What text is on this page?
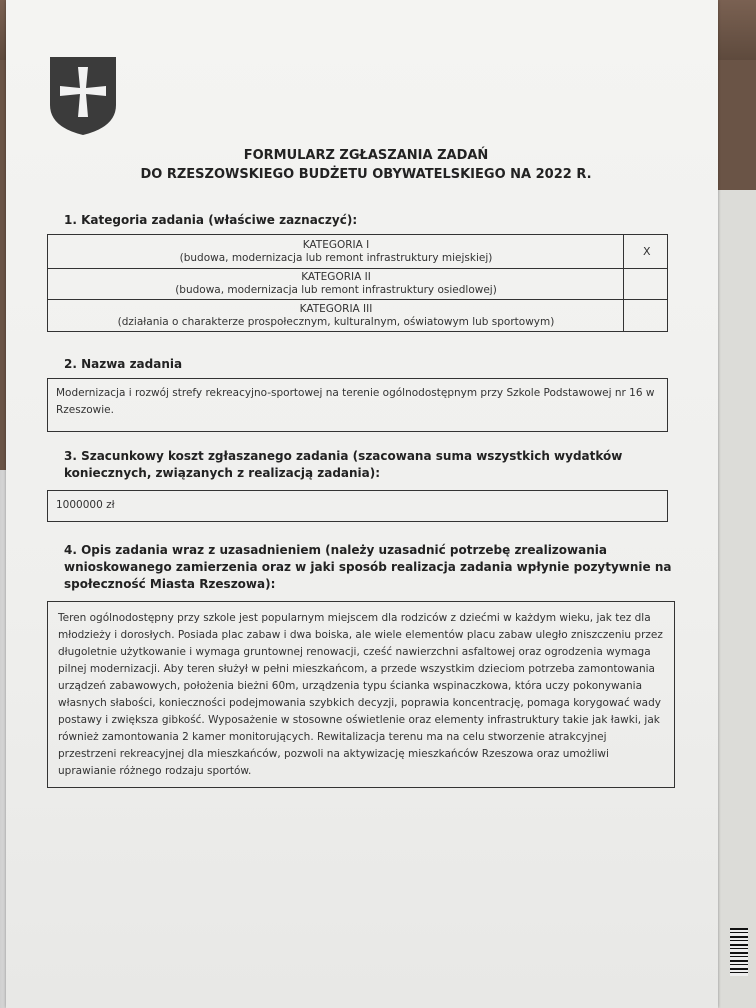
FORMULARZ ZGŁASZANIA ZADAŃ
DO RZESZOWSKIEGO BUDŻETU OBYWATELSKIEGO NA 2022 R.
1. Kategoria zadania (właściwe zaznaczyć):
KATEGORIA I
(budowa, modernizacja lub remont infrastruktury miejskiej)	X
KATEGORIA II
(budowa, modernizacja lub remont infrastruktury osiedlowej)
KATEGORIA III
(działania o charakterze prospołecznym, kulturalnym, oświatowym lub sportowym)
2. Nazwa zadania
Modernizacja i rozwój strefy rekreacyjno-sportowej na terenie ogólnodostępnym przy Szkole Podstawowej nr 16 w Rzeszowie.
3. Szacunkowy koszt zgłaszanego zadania (szacowana suma wszystkich wydatków koniecznych, związanych z realizacją zadania):
1000000 zł
4. Opis zadania wraz z uzasadnieniem (należy uzasadnić potrzebę zrealizowania wnioskowanego zamierzenia oraz w jaki sposób realizacja zadania wpłynie pozytywnie na społeczność Miasta Rzeszowa):
Teren ogólnodostępny przy szkole jest popularnym miejscem dla rodziców z dziećmi w każdym wieku, jak tez dla młodzieży i dorosłych. Posiada plac zabaw i dwa boiska, ale wiele elementów placu zabaw uległo zniszczeniu przez długoletnie użytkowanie i wymaga gruntownej renowacji, cześć nawierzchni asfaltowej oraz ogrodzenia wymaga pilnej modernizacji. Aby teren służył w pełni mieszkańcom, a przede wszystkim dzieciom potrzeba zamontowania urządzeń zabawowych, położenia bieżni 60m, urządzenia typu ścianka wspinaczkowa, która uczy pokonywania własnych słabości, konieczności podejmowania szybkich decyzji, poprawia koncentrację, pomaga korygować wady postawy i zwiększa gibkość. Wyposażenie w stosowne oświetlenie oraz elementy infrastruktury takie jak ławki, jak również zamontowania 2 kamer monitorujących. Rewitalizacja terenu ma na celu stworzenie atrakcyjnej przestrzeni rekreacyjnej dla mieszkańców, pozwoli na aktywizację mieszkańców Rzeszowa oraz umożliwi uprawianie różnego rodzaju sportów.
